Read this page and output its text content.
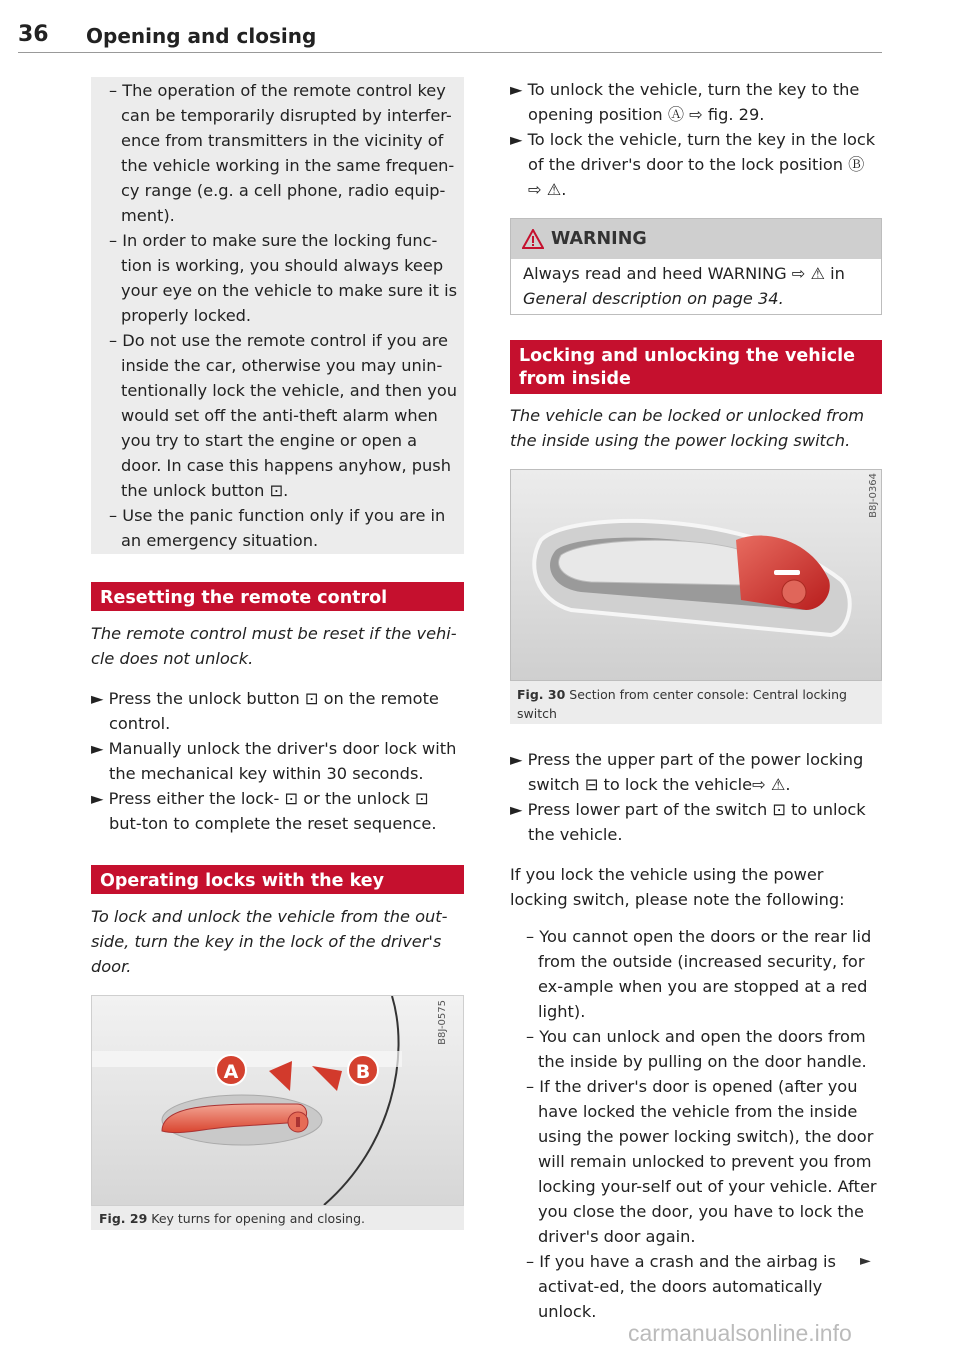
36 Opening and closing

– The operation of the remote control key can be temporarily disrupted by interfer-ence from transmitters in the vicinity of the vehicle working in the same frequen-cy range (e.g. a cell phone, radio equip-ment).

– In order to make sure the locking func-tion is working, you should always keep your eye on the vehicle to make sure it is properly locked.

– Do not use the remote control if you are inside the car, otherwise you may unin-tentionally lock the vehicle, and then you would set off the anti-theft alarm when you try to start the engine or open a door. In case this happens anyhow, push the unlock button ⊡.

– Use the panic function only if you are in an emergency situation.

Resetting the remote control
The remote control must be reset if the vehi-cle does not unlock.

► Press the unlock button ⊡ on the remote control.

► Manually unlock the driver's door lock with the mechanical key within 30 seconds.

► Press either the lock- ⊡ or the unlock ⊡ but-ton to complete the reset sequence.

Operating locks with the key
To lock and unlock the vehicle from the out-side, turn the key in the lock of the driver's door.
A	B
B8J-0575
Fig. 29 Key turns for opening and closing.

► To unlock the vehicle, turn the key to the opening position Ⓐ ⇨ fig. 29.

► To lock the vehicle, turn the key in the lock of the driver's door to the lock position Ⓑ ⇨ ⚠.

WARNING
Always read and heed WARNING ⇨ ⚠ in
General description on page 34.
Locking and unlocking the vehicle from inside
The vehicle can be locked or unlocked from the inside using the power locking switch.
B8J-0364
Fig. 30 Section from center console: Central locking switch

► Press the upper part of the power locking switch ⊟ to lock the vehicle⇨ ⚠.

► Press lower part of the switch ⊡ to unlock the vehicle.

If you lock the vehicle using the power locking switch, please note the following:

– You cannot open the doors or the rear lid from the outside (increased security, for ex-ample when you are stopped at a red light).

– You can unlock and open the doors from the inside by pulling on the door handle.

– If the driver's door is opened (after you have locked the vehicle from the inside using the power locking switch), the door will remain unlocked to prevent you from locking your-self out of your vehicle. After you close the door, you have to lock the driver's door again.

– If you have a crash and the airbag is activat-ed, the doors automatically unlock.

►
carmanualsonline.info
